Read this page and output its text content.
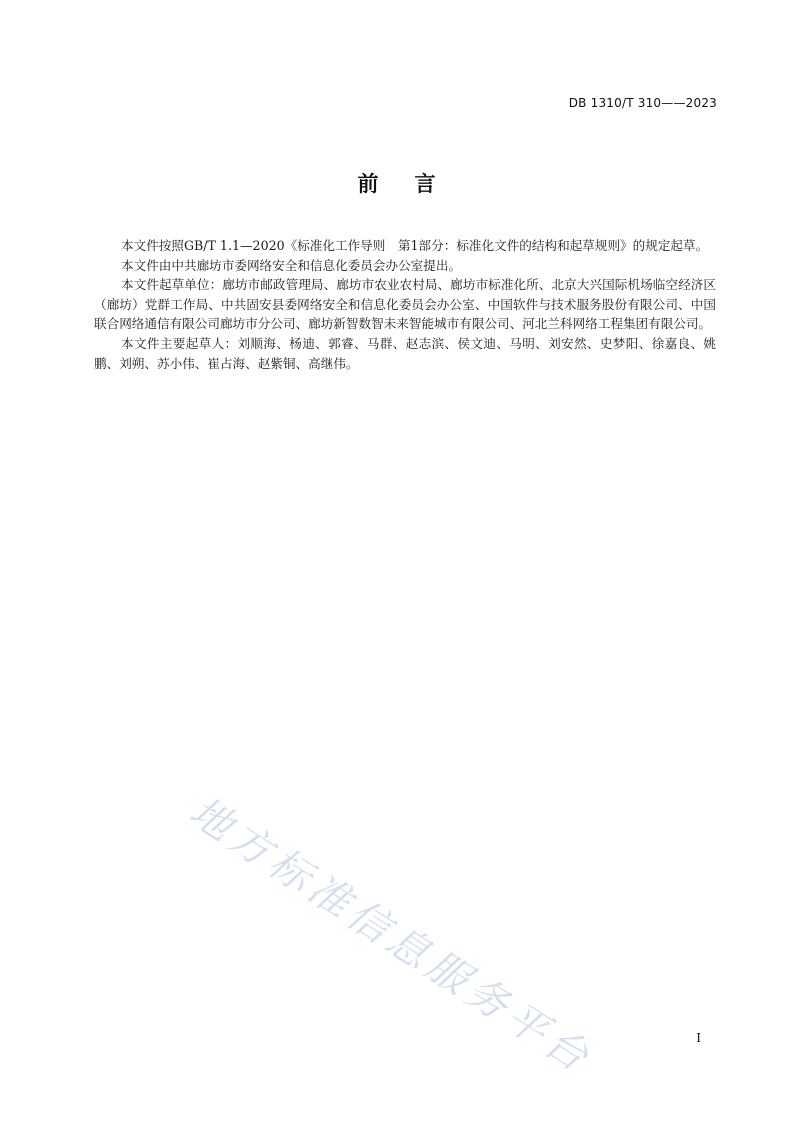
DB 1310/T 310——2023
前 言

本文件按照GB/T 1.1—2020《标准化工作导则　第1部分：标准化文件的结构和起草规则》的规定起草。

本文件由中共廊坊市委网络安全和信息化委员会办公室提出。

本文件起草单位：廊坊市邮政管理局、廊坊市农业农村局、廊坊市标准化所、北京大兴国际机场临空经济区（廊坊）党群工作局、中共固安县委网络安全和信息化委员会办公室、中国软件与技术服务股份有限公司、中国联合网络通信有限公司廊坊市分公司、廊坊新智数智未来智能城市有限公司、河北兰科网络工程集团有限公司。

本文件主要起草人：刘顺海、杨迪、郭睿、马群、赵志滨、侯文迪、马明、刘安然、史梦阳、徐嘉良、姚鹏、刘朔、苏小伟、崔占海、赵紫铜、高继伟。

地方标准信息服务平台	I
